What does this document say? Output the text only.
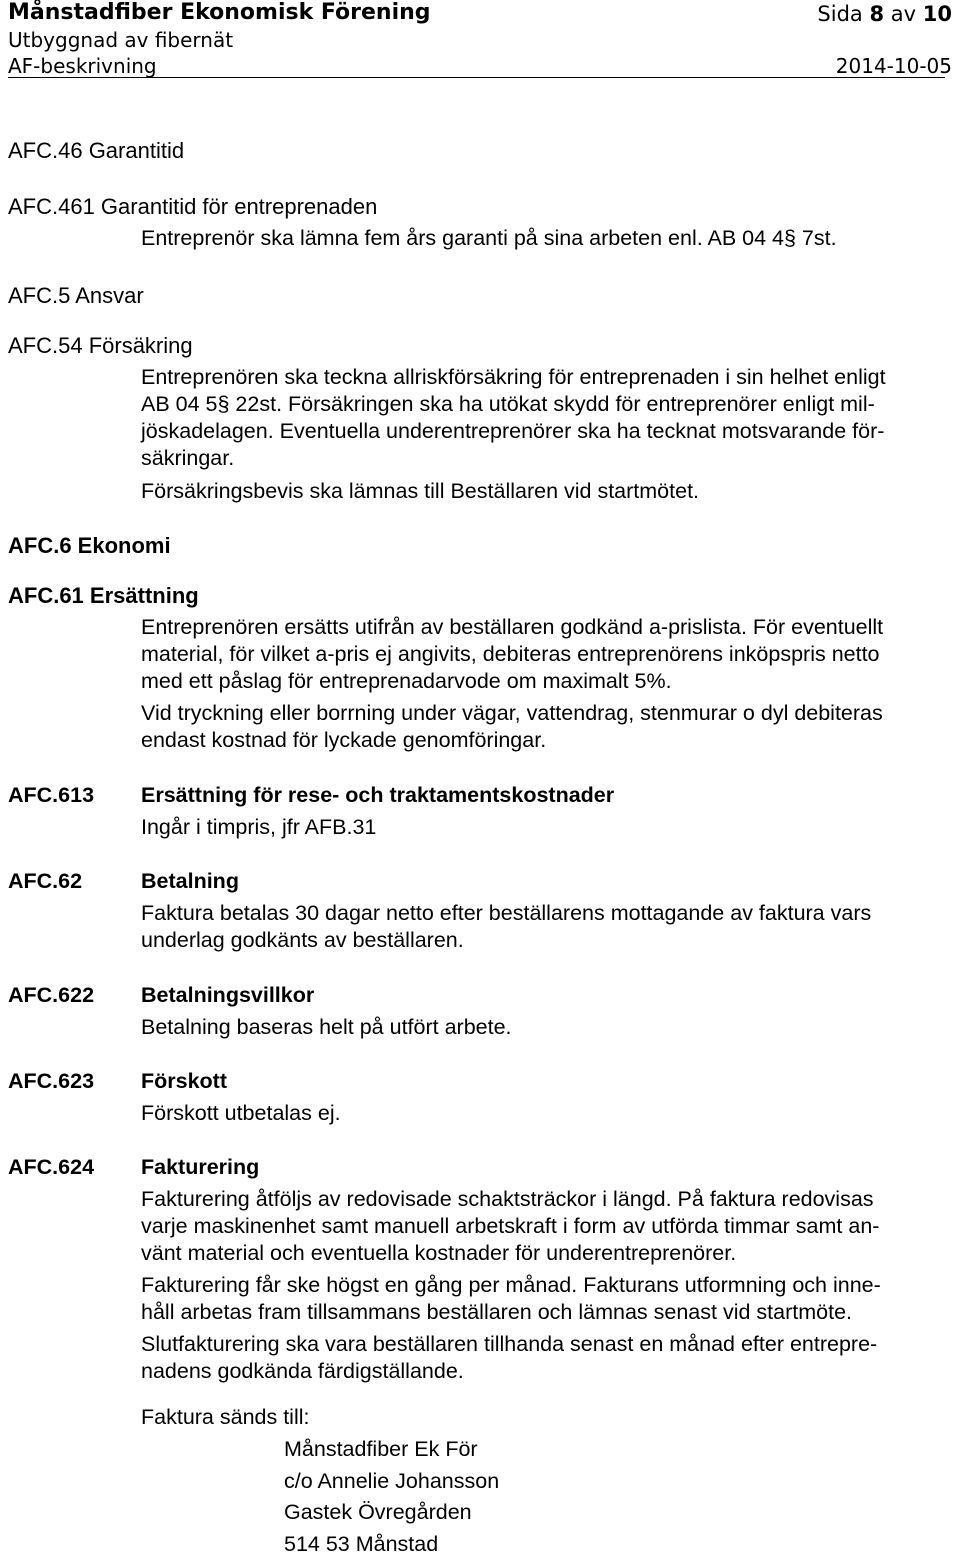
Månstadfiber Ekonomisk Förening	Sida 8 av 10
Utbyggnad av fibernät
AF-beskrivning	2014-10-05
AFC.46 Garantitid
AFC.461 Garantitid för entreprenaden
Entreprenör ska lämna fem års garanti på sina arbeten enl. AB 04 4§ 7st.
AFC.5 Ansvar
AFC.54 Försäkring
Entreprenören ska teckna allriskförsäkring för entreprenaden i sin helhet enligt
AB 04 5§ 22st. Försäkringen ska ha utökat skydd för entreprenörer enligt mil-
jöskadelagen. Eventuella underentreprenörer ska ha tecknat motsvarande för-
säkringar.
Försäkringsbevis ska lämnas till Beställaren vid startmötet.
AFC.6 Ekonomi
AFC.61 Ersättning
Entreprenören ersätts utifrån av beställaren godkänd a-prislista. För eventuellt
material, för vilket a-pris ej angivits, debiteras entreprenörens inköpspris netto
med ett påslag för entreprenadarvode om maximalt 5%.
Vid tryckning eller borrning under vägar, vattendrag, stenmurar o dyl debiteras
endast kostnad för lyckade genomföringar.
AFC.613 Ersättning för rese- och traktamentskostnader
Ingår i timpris, jfr AFB.31
AFC.62	Betalning
Faktura betalas 30 dagar netto efter beställarens mottagande av faktura vars
underlag godkänts av beställaren.
AFC.622 Betalningsvillkor
Betalning baseras helt på utfört arbete.
AFC.623 Förskott
Förskott utbetalas ej.
AFC.624 Fakturering
Fakturering åtföljs av redovisade schaktsträckor i längd. På faktura redovisas
varje maskinenhet samt manuell arbetskraft i form av utförda timmar samt an-
vänt material och eventuella kostnader för underentreprenörer.
Fakturering får ske högst en gång per månad. Fakturans utformning och inne-
håll arbetas fram tillsammans beställaren och lämnas senast vid startmöte.
Slutfakturering ska vara beställaren tillhanda senast en månad efter entrepre-
nadens godkända färdigställande.
Faktura sänds till:
Månstadfiber Ek För
c/o Annelie Johansson
Gastek Övregården
514 53 Månstad
